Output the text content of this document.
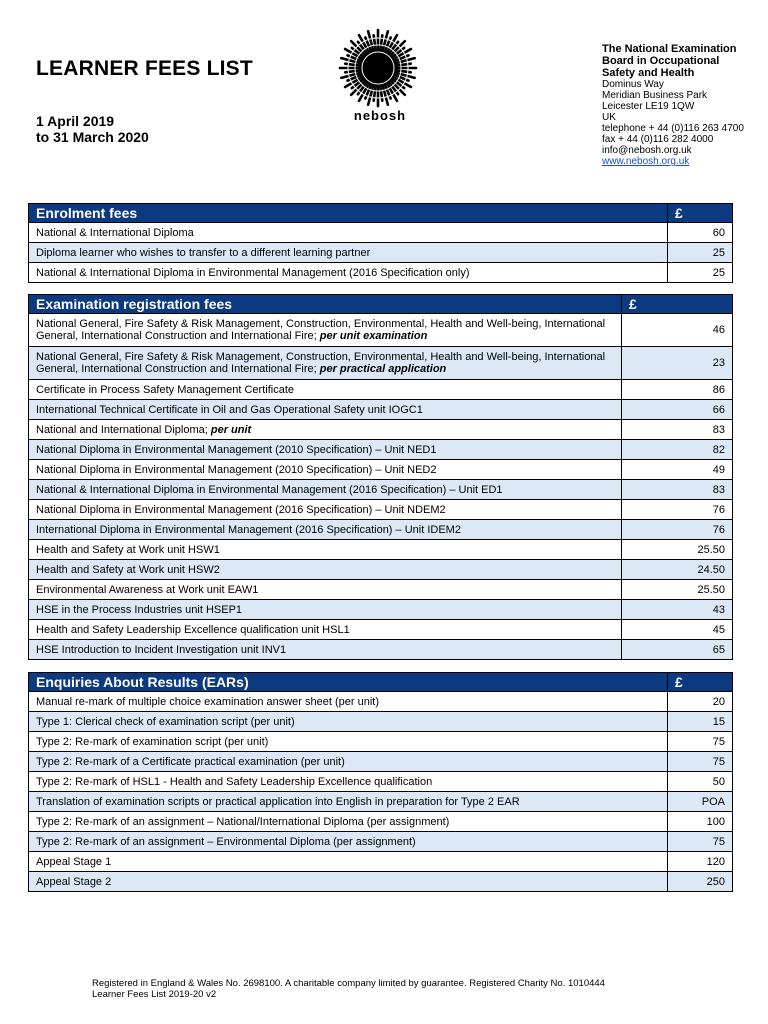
LEARNER FEES LIST
1 April 2019
to 31 March 2020
nebosh
The National Examination
Board in Occupational
Safety and Health
Dominus Way
Meridian Business Park
Leicester LE19 1QW
UK
telephone + 44 (0)116 263 4700
fax + 44 (0)116 282 4000
info@nebosh.org.uk
www.nebosh.org.uk
Enrolment fees	£
National & International Diploma	60
Diploma learner who wishes to transfer to a different learning partner	25
National & International Diploma in Environmental Management (2016 Specification only)	25
Examination registration fees	£
National General, Fire Safety & Risk Management, Construction, Environmental, Health and Well-being, International General, International Construction and International Fire; per unit examination	46
National General, Fire Safety & Risk Management, Construction, Environmental, Health and Well-being, International General, International Construction and International Fire; per practical application	23
Certificate in Process Safety Management Certificate	86
International Technical Certificate in Oil and Gas Operational Safety unit IOGC1	66
National and International Diploma; per unit	83
National Diploma in Environmental Management (2010 Specification) – Unit NED1	82
National Diploma in Environmental Management (2010 Specification) – Unit NED2	49
National & International Diploma in Environmental Management (2016 Specification) – Unit ED1	83
National Diploma in Environmental Management (2016 Specification) – Unit NDEM2	76
International Diploma in Environmental Management (2016 Specification) – Unit IDEM2	76
Health and Safety at Work unit HSW1	25.50
Health and Safety at Work unit HSW2	24.50
Environmental Awareness at Work unit EAW1	25.50
HSE in the Process Industries unit HSEP1	43
Health and Safety Leadership Excellence qualification unit HSL1	45
HSE Introduction to Incident Investigation unit INV1	65
Enquiries About Results (EARs)	£
Manual re-mark of multiple choice examination answer sheet (per unit)	20
Type 1: Clerical check of examination script (per unit)	15
Type 2: Re-mark of examination script (per unit)	75
Type 2: Re-mark of a Certificate practical examination (per unit)	75
Type 2: Re-mark of HSL1 - Health and Safety Leadership Excellence qualification	50
Translation of examination scripts or practical application into English in preparation for Type 2 EAR	POA
Type 2: Re-mark of an assignment – National/International Diploma (per assignment)	100
Type 2: Re-mark of an assignment – Environmental Diploma (per assignment)	75
Appeal Stage 1	120
Appeal Stage 2	250
Registered in England & Wales No. 2698100. A charitable company limited by guarantee. Registered Charity No. 1010444
Learner Fees List 2019-20 v2
